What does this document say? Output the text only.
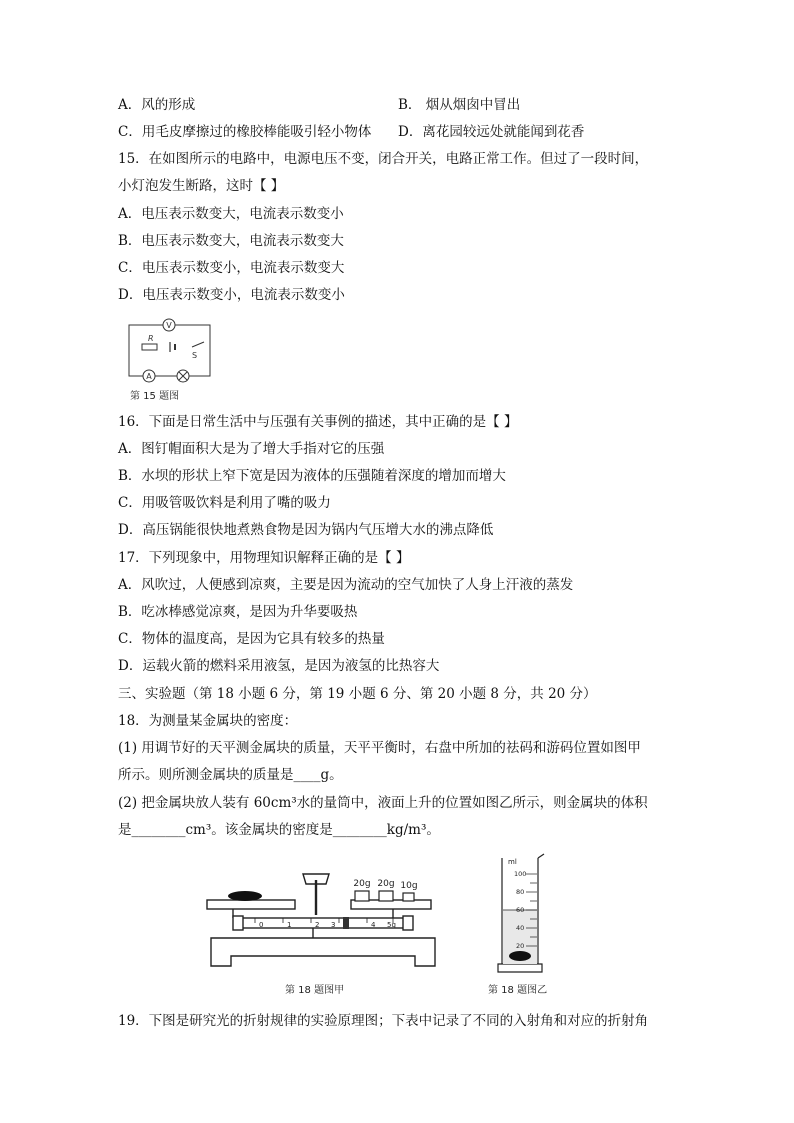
A．风的形成	B． 烟从烟囱中冒出
C．用毛皮摩擦过的橡胶棒能吸引轻小物体 D．离花园较远处就能闻到花香
15．在如图所示的电路中，电源电压不变，闭合开关，电路正常工作。但过了一段时间，
小灯泡发生断路，这时【 】
A．电压表示数变大，电流表示数变小
B．电压表示数变大，电流表示数变大
C．电压表示数变小，电流表示数变大
D．电压表示数变小，电流表示数变小
V
R
S
A
第 15 题图
16．下面是日常生活中与压强有关事例的描述，其中正确的是【 】
A．图钉帽面积大是为了增大手指对它的压强
B．水坝的形状上窄下宽是因为液体的压强随着深度的增加而增大
C．用吸管吸饮料是利用了嘴的吸力
D．高压锅能很快地煮熟食物是因为锅内气压增大水的沸点降低
17．下列现象中，用物理知识解释正确的是【 】
A．风吹过，人便感到凉爽，主要是因为流动的空气加快了人身上汗液的蒸发
B．吃冰棒感觉凉爽，是因为升华要吸热
C．物体的温度高，是因为它具有较多的热量
D．运载火箭的燃料采用液氢，是因为液氢的比热容大
三、实验题（第 18 小题 6 分，第 19 小题 6 分、第 20 小题 8 分，共 20 分）
18．为测量某金属块的密度：
(1) 用调节好的天平测金属块的质量，天平平衡时，右盘中所加的祛码和游码位置如图甲
所示。则所测金属块的质量是____g。
(2) 把金属块放人装有 60cm³水的量筒中，液面上升的位置如图乙所示，则金属块的体积
是________cm³。该金属块的密度是________kg/m³。
20g 20g 10g
0	1	2 3	4 5g
第 18 题图甲
ml
100
80
60
40
20
第 18 题图乙
19．下图是研究光的折射规律的实验原理图；下表中记录了不同的入射角和对应的折射角
